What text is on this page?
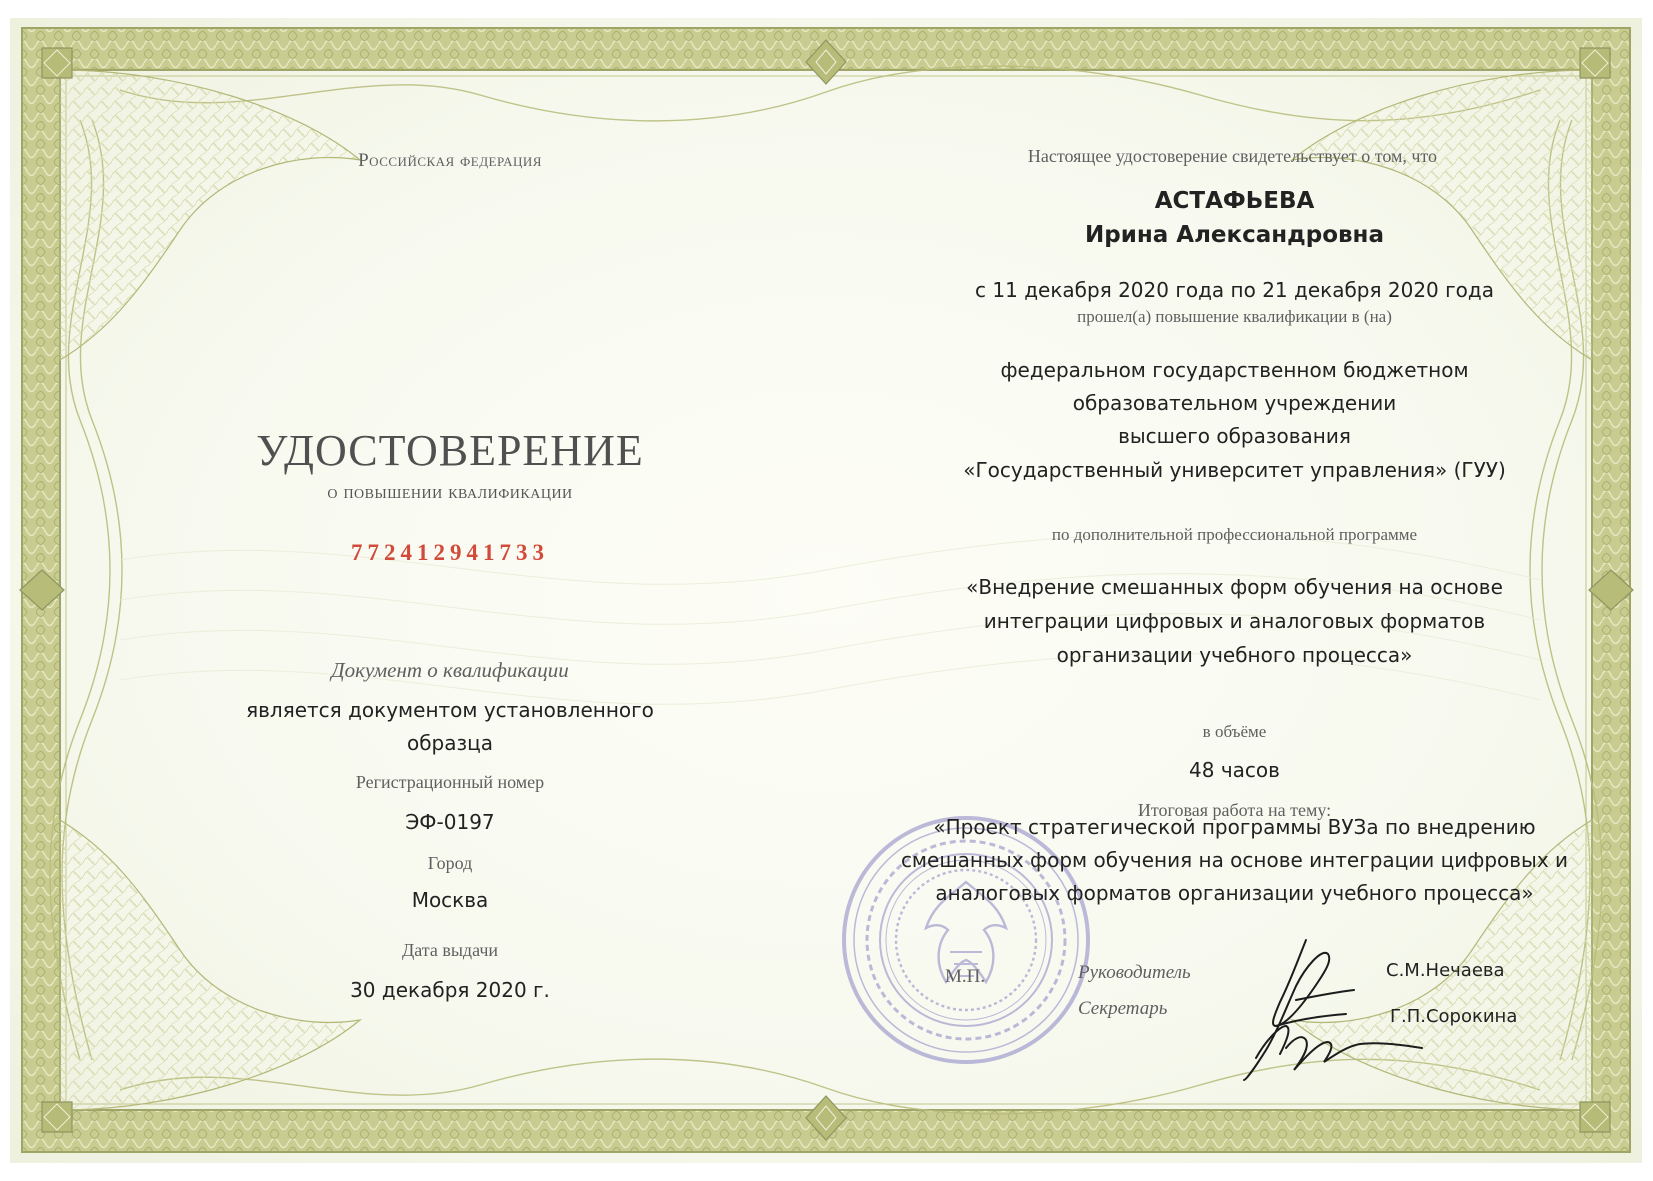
Российская федерация

УДОСТОВЕРЕНИЕ

о повышении квалификации

772412941733

Документ о квалификации

является документом установленного

образца

Регистрационный номер

ЭФ-0197

Город

Москва

Дата выдачи

30 декабря 2020 г.

Настоящее удостоверение свидетельствует о том, что

АСТАФЬЕВА

Ирина Александровна

с 11 декабря 2020 года по 21 декабря 2020 года

прошел(а) повышение квалификации в (на)

федеральном государственном бюджетном

образовательном учреждении

высшего образования

«Государственный университет управления» (ГУУ)

по дополнительной профессиональной программе

«Внедрение смешанных форм обучения на основе

интеграции цифровых и аналоговых форматов

организации учебного процесса»

в объёме

48 часов

Итоговая работа на тему:

«Проект стратегической программы ВУЗа по внедрению

смешанных форм обучения на основе интеграции цифровых и

аналоговых форматов организации учебного процесса»

М.П.	Руководитель

Секретарь

С.М.Нечаева

Г.П.Сорокина
